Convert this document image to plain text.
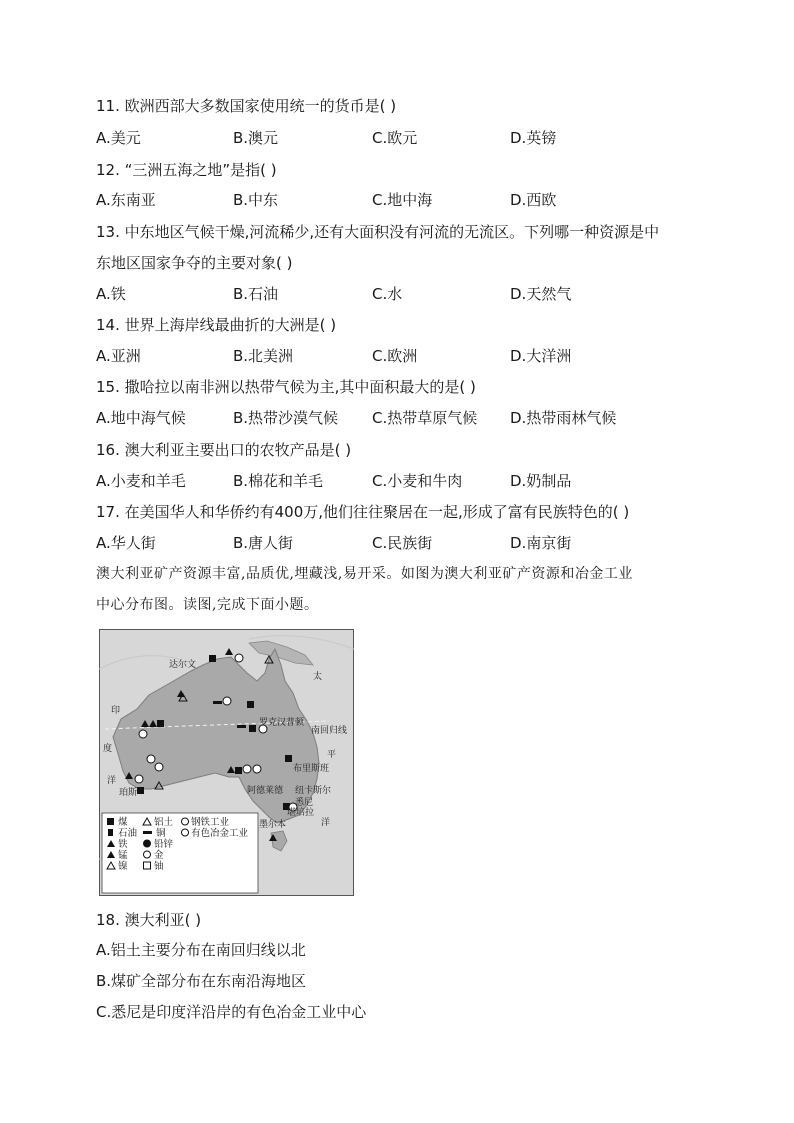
11. 欧洲西部大多数国家使用统一的货币是( )
A.美元	B.澳元	C.欧元	D.英镑
12. “三洲五海之地”是指( )
A.东南亚	B.中东	C.地中海	D.西欧
13. 中东地区气候干燥,河流稀少,还有大面积没有河流的无流区。下列哪一种资源是中
东地区国家争夺的主要对象( )
A.铁	B.石油	C.水	D.天然气
14. 世界上海岸线最曲折的大洲是( )
A.亚洲	B.北美洲	C.欧洲	D.大洋洲
15. 撒哈拉以南非洲以热带气候为主,其中面积最大的是( )
A.地中海气候	B.热带沙漠气候 C.热带草原气候 D.热带雨林气候
16. 澳大利亚主要出口的农牧产品是( )
A.小麦和羊毛	B.棉花和羊毛	C.小麦和牛肉	D.奶制品
17. 在美国华人和华侨约有400万,他们往往聚居在一起,形成了富有民族特色的( )
A.华人街	B.唐人街	C.民族街	D.南京街
澳大利亚矿产资源丰富,品质优,埋藏浅,易开采。如图为澳大利亚矿产资源和冶金工业
中心分布图。读图,完成下面小题。
达尔文
太
平
洋
印
度
洋
罗克汉普顿
南回归线
布里斯班
珀斯	阿德莱德 纽卡斯尔
悉尼
堪培拉
墨尔本
煤	铝土 钢铁工业
石油 铜	有色冶金工业
铁	铅锌
锰	金
镍	铀
18. 澳大利亚( )
A.铝土主要分布在南回归线以北
B.煤矿全部分布在东南沿海地区
C.悉尼是印度洋沿岸的有色冶金工业中心
